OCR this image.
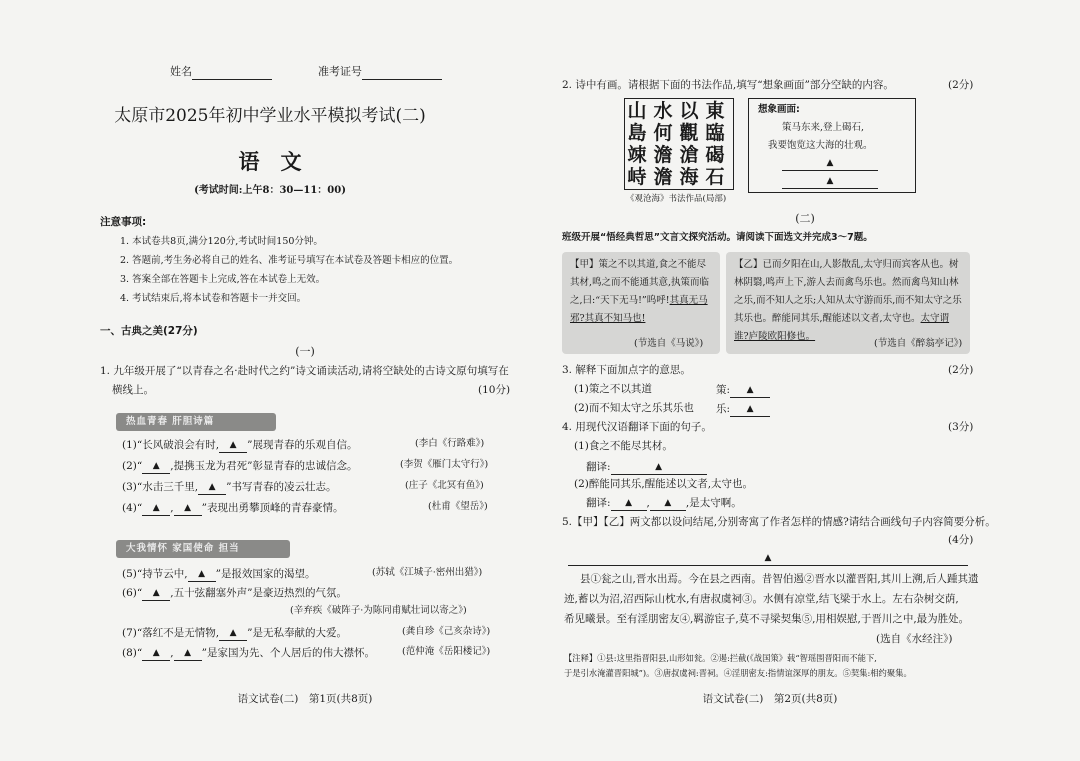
姓名	准考证号
太原市2025年初中学业水平模拟考试(二)
语　文
(考试时间:上午8：30—11：00)
注意事项:
1. 本试卷共8页,满分120分,考试时间150分钟。
2. 答题前,考生务必将自己的姓名、准考证号填写在本试卷及答题卡相应的位置。
3. 答案全部在答题卡上完成,答在本试卷上无效。
4. 考试结束后,将本试卷和答题卡一并交回。
一、古典之美(27分)
(一)
1. 九年级开展了“以青春之名·赴时代之约”诗文诵读活动,请将空缺处的古诗文原句填写在
横线上。	(10分)
热血青春 肝胆诗篇
(1)“长风破浪会有时, ▲ ”展现青春的乐观自信。	(李白《行路难》)
(2)“ ▲ ,提携玉龙为君死”彰显青春的忠诚信念。	(李贺《雁门太守行》)
(3)“水击三千里, ▲ ”书写青春的凌云壮志。	(庄子《北冥有鱼》)
(4)“ ▲ , ▲ ”表现出勇攀顶峰的青春豪情。	(杜甫《望岳》)
大我情怀 家国使命 担当
(5)“持节云中, ▲ ”是报效国家的渴望。	(苏轼《江城子·密州出猎》)
(6)“ ▲ ,五十弦翻塞外声”是豪迈热烈的气氛。
(辛弃疾《破阵子·为陈同甫赋壮词以寄之》)
(7)“落红不是无情物, ▲ ”是无私奉献的大爱。	(龚自珍《己亥杂诗》)
(8)“ ▲ , ▲ ”是家国为先、个人居后的伟大襟怀。	(范仲淹《岳阳楼记》)
语文试卷(二)　第1页(共8页)
2. 诗中有画。请根据下面的书法作品,填写“想象画面”部分空缺的内容。	(2分)
東臨碣石
以觀滄海
水何澹澹
山島竦峙
《观沧海》书法作品(局部)
想象画面:
策马东来,登上碣石,
我要饱览这大海的壮观。
▲
▲
(二)
班级开展“悟经典哲思”文言文探究活动。请阅读下面选文并完成3～7题。
【甲】策之不以其道,食之不能尽其材,鸣之而不能通其意,执策而临之,曰:“天下无马!”呜呼!其真无马邪?其真不知马也!
(节选自《马说》)
【乙】已而夕阳在山,人影散乱,太守归而宾客从也。树林阴翳,鸣声上下,游人去而禽鸟乐也。然而禽鸟知山林之乐,而不知人之乐;人知从太守游而乐,而不知太守之乐其乐也。醉能同其乐,醒能述以文者,太守也。太守谓谁?庐陵欧阳修也。
(节选自《醉翁亭记》)
3. 解释下面加点字的意思。	(2分)
(1)策之不以其道	策: ▲
(2)而不知太守之乐其乐也 乐: ▲
4. 用现代汉语翻译下面的句子。	(3分)
(1)食之不能尽其材。
翻译:	▲
(2)醉能同其乐,醒能述以文者,太守也。
翻译: ▲ , ▲ ,是太守啊。
5.【甲】【乙】两文都以设问结尾,分别寄寓了作者怎样的情感?请结合画线句子内容简要分析。
(4分)
▲
县①瓮之山,晋水出焉。今在县之西南。昔智伯遏②晋水以灌晋阳,其川上溯,后人踵其遗
迹,蓄以为沼,沼西际山枕水,有唐叔虞祠③。水侧有凉堂,结飞梁于水上。左右杂树交荫,
希见曦景。至有淫朋密友④,羁游宦子,莫不寻梁契集⑤,用相娱慰,于晋川之中,最为胜处。
(选自《水经注》)
【注释】①县:这里指晋阳县,山形如瓮。②遏:拦截(《战国策》载“智瑶围晋阳而不能下,
于是引水淹灌晋阳城”)。③唐叔虞祠:晋祠。④淫朋密友:指情谊深厚的朋友。⑤契集:相约聚集。
语文试卷(二)　第2页(共8页)
